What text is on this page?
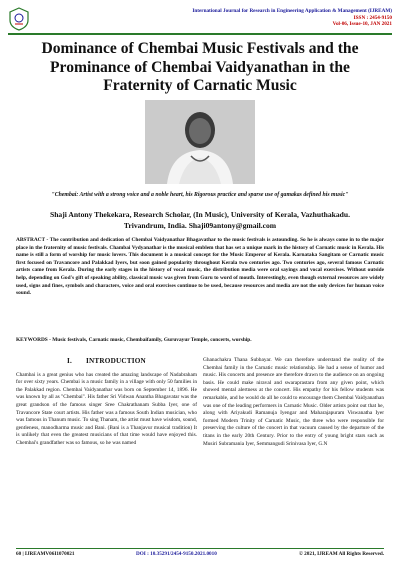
International Journal for Research in Engineering Application & Management (IJREAM)
ISSN : 2454-9150
Vol-06, Issue-10, JAN 2021
Dominance of Chembai Music Festivals and the Prominance of Chembai Vaidyanathan in the Fraternity of Carnatic Music
"Chembai: Artist with a strong voice and a noble heart, his Rigorous practice and sparse use of gamakas defined his music"
Shaji Antony Thekekara, Research Scholar, (In Music), University of Kerala, Vazhuthakadu.
Trivandrum, India. Shaji09antony@gmail.com
ABSTRACT - The contribution and dedication of Chembai Vaidyanathar Bhagavathar to the music festivals is astounding. So he is always come in to the major place in the fraternity of music festivals. Chambai Vydyanathar is the musical emblem that has set a unique mark in the history of Carnatic music in Kerala. His name is still a form of worship for music lovers. This document is a musical concept for the Music Emperor of Kerala. Karnataka Sangitam or Carnatic music first focused on Travancore and Palakkad Iyers, but soon gained popularity throughout Kerala two centuries ago. Two centuries ago, several famous Carnatic artists came from Kerala. During the early stages in the history of vocal music, the distribution media were oral sayings and vocal exercises. Without outside help, depending on God's gift of speaking ability, classical music was given from Guru to word of mouth. Interestingly, even though external resources are widely used, signs and fines, symbols and characters, voice and oral exercises continue to be used, because resources and media are not the only devices for human voice sound.
KEYWORDS - Music festivals, Carnatic music, Chembaifamily, Guruvayur Temple, concerts, worship.
I. INTRODUCTION

Chambai is a great genius who has created the amazing landscape of Nadabraham for over sixty years. Chembai is a music family in a village with only 50 families in the Palakkad region. Chembai Vaidyanathar was born on September 14, 1896. He was known by all as "Chembai". His father Sri Vidwan Anantha Bhagavatar was the great grandson of the famous singer Sree Chakrathanam Subba Iyer, one of Travancore State court artists. His father was a famous South Indian musician, who was famous in Thanum music. To sing Thanam, the artist must have wisdom, sound, gentleness, manodharma music and Bani. (Bani is a Thanjavur musical tradition) It is unlikely that even the greatest musicians of that time would have enjoyed this. Chembai's grandfather was so famous, so he was named

Ghanachakra Thana Subbayar. We can therefore understand the reality of the Chembai family in the Carnatic music relationship. He had a sense of humor and music. His concerts and presence are therefore drawn to the audience on an ongoing basis. He could make niraval and swaraprastara from any given point, which showed mental alertness at the concert. His empathy for his fellow students was remarkable, and he would do all he could to encourage them Chembai Vaidyanathan was one of the leading performers in Carnatic Music. Older artists point out that he, along with Ariyakudi Ramanuja Iyengar and Maharajapuram Viswanatha Iyer formed Modern Trinity of Carnatic Music, the three who were responsible for preserving the culture of the concert in that vacuum caused by the departure of the titans in the early 20th Century. Prior to the entry of young bright stars such as Musiri Subramania Iyer, Semmangudi Srinivasa Iyer, G.N

60 | IJREAMV06I1070021	DOI : 10.35291/2454-9150.2021.0010	© 2021, IJREAM All Rights Reserved.
